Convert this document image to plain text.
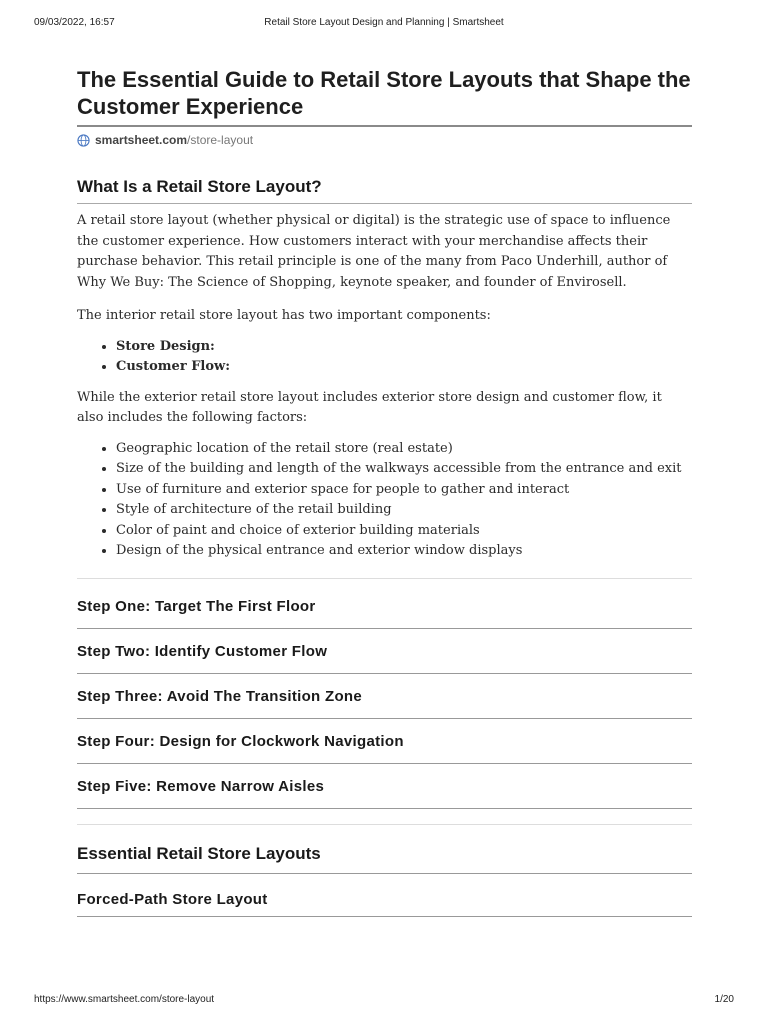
09/03/2022, 16:57	Retail Store Layout Design and Planning | Smartsheet
The Essential Guide to Retail Store Layouts that Shape the Customer Experience
smartsheet.com /store-layout
What Is a Retail Store Layout?

A retail store layout (whether physical or digital) is the strategic use of space to influence the customer experience. How customers interact with your merchandise affects their purchase behavior. This retail principle is one of the many from Paco Underhill, author of Why We Buy: The Science of Shopping, keynote speaker, and founder of Envirosell.

The interior retail store layout has two important components:

• Store Design:
• Customer Flow:

While the exterior retail store layout includes exterior store design and customer flow, it also includes the following factors:

• Geographic location of the retail store (real estate)
• Size of the building and length of the walkways accessible from the entrance and exit
• Use of furniture and exterior space for people to gather and interact
• Style of architecture of the retail building
• Color of paint and choice of exterior building materials
• Design of the physical entrance and exterior window displays
Step One: Target The First Floor
Step Two: Identify Customer Flow
Step Three: Avoid The Transition Zone
Step Four: Design for Clockwork Navigation
Step Five: Remove Narrow Aisles
Essential Retail Store Layouts
Forced-Path Store Layout
https://www.smartsheet.com/store-layout	1/20
